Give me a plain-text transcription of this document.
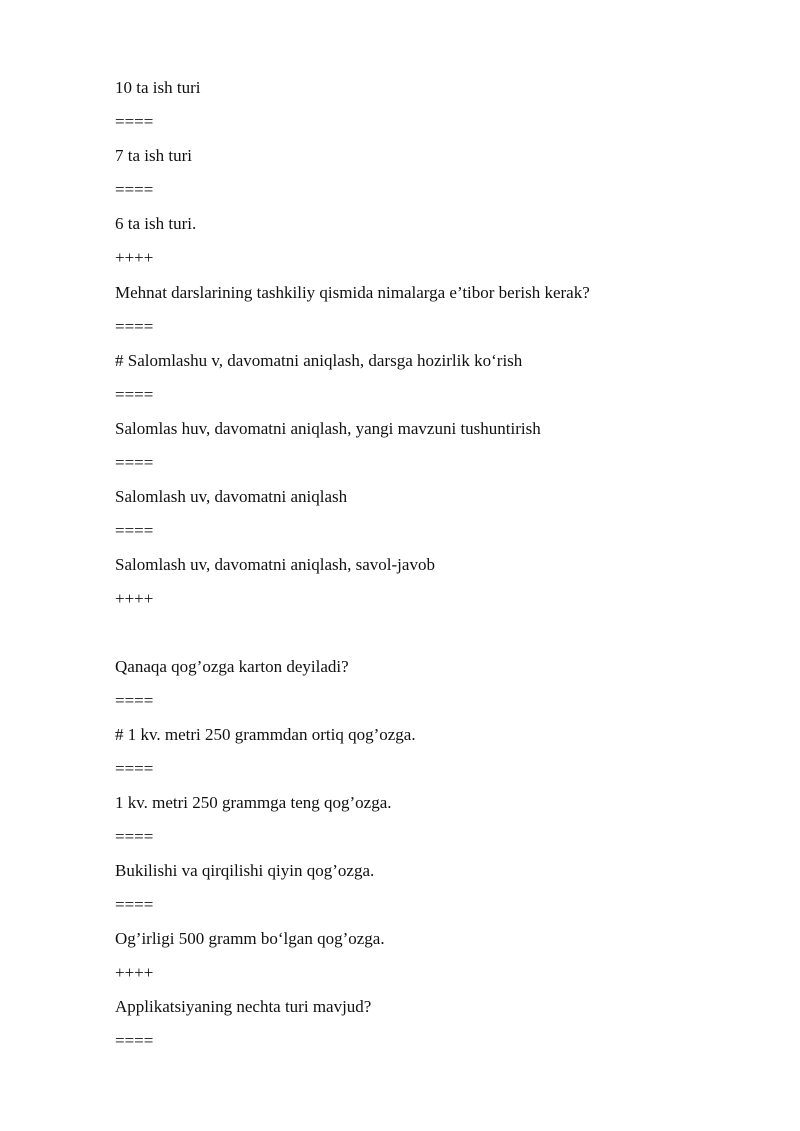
10 ta ish turi
====
7 ta ish turi
====
6 ta ish turi.
++++
Mehnat darslarining tashkiliy qismida nimalarga e’tibor berish kerak?
====
# Salomlashu v, davomatni aniqlash, darsga hozirlik ko‘rish
====
Salomlas huv, davomatni aniqlash, yangi mavzuni tushuntirish
====
Salomlash uv, davomatni aniqlash
====
Salomlash uv, davomatni aniqlash, savol-javob
++++
Qanaqa qog’ozga karton deyiladi?
====
# 1 kv. metri 250 grammdan ortiq qog’ozga.
====
1 kv. metri 250 grammga teng qog’ozga.
====
Bukilishi va qirqilishi qiyin qog’ozga.
====
Og’irligi 500 gramm bo‘lgan qog’ozga.
++++
Applikatsiyaning nechta turi mavjud?
====
